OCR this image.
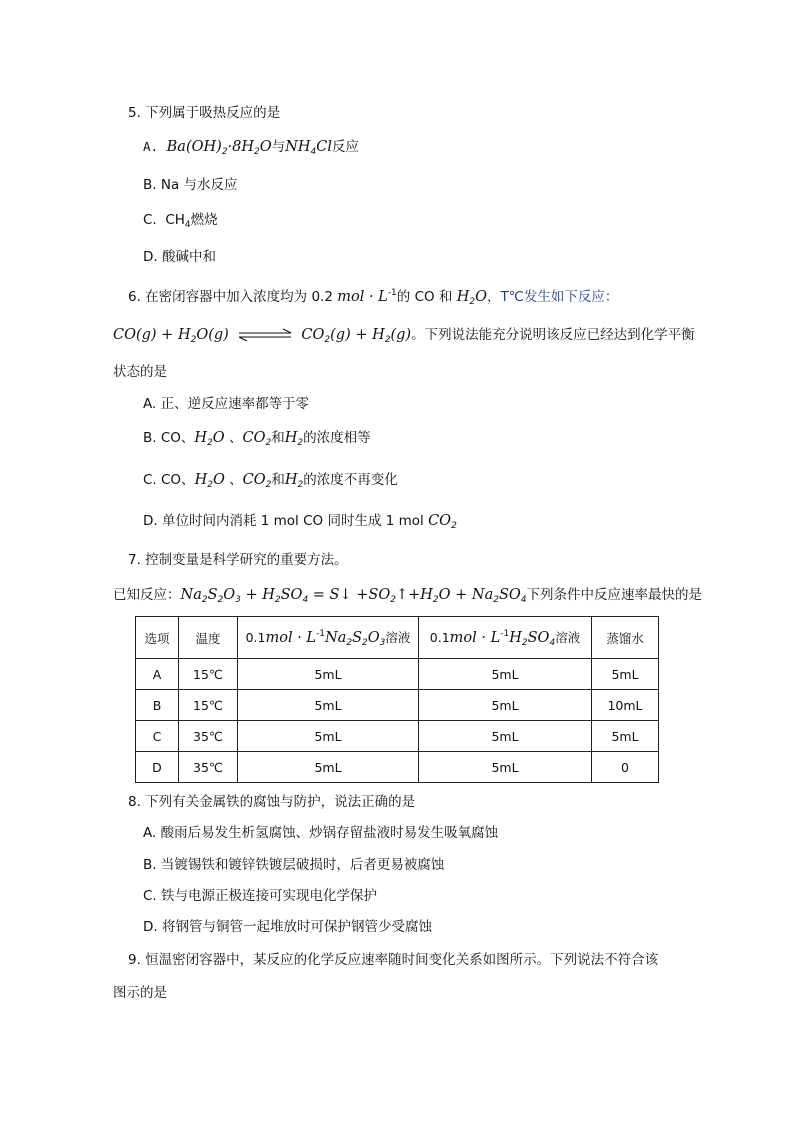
5. 下列属于吸热反应的是
A. $Ba(OH)_2\cdot 8H_2O$与$NH_4Cl$反应
B. Na 与水反应
C. $CH_4$燃烧
D. 酸碱中和
6. 在密闭容器中加入浓度均为 0.2 mol · $L^{-1}$的 CO 和 $H_2O$，T℃发生如下反应：
$CO(g) + H_2O(g)$	$CO_2(g) + H_2(g)$。下列说法能充分说明该反应已经达到化学平衡
状态的是
A. 正、逆反应速率都等于零
B. CO、$H_2O$ 、$CO_2$和$H_2$的浓度相等
C. CO、$H_2O$ 、$CO_2$和$H_2$的浓度不再变化
D. 单位时间内消耗 1 mol CO 同时生成 1 mol $CO_2$
7. 控制变量是科学研究的重要方法。
已知反应：$Na_2S_2O_3 + H_2SO_4$ = S↓ $+SO_2↑+H_2O + Na_2SO_4$下列条件中反应速率最快的是
选项	温度	$0.1mol \cdot L^{-1}Na_2S_2O_3$溶液	$0.1mol \cdot L^{-1}H_2SO_4$溶液	蒸馏水
A	15℃	5mL	5mL	5mL
B	15℃	5mL	5mL	10mL
C	35℃	5mL	5mL	5mL
D	35℃	5mL	5mL	0
8. 下列有关金属铁的腐蚀与防护，说法正确的是
A. 酸雨后易发生析氢腐蚀、炒锅存留盐液时易发生吸氧腐蚀
B. 当镀锡铁和镀锌铁镀层破损时，后者更易被腐蚀
C. 铁与电源正极连接可实现电化学保护
D. 将钢管与铜管一起堆放时可保护钢管少受腐蚀
9. 恒温密闭容器中，某反应的化学反应速率随时间变化关系如图所示。下列说法不符合该
图示的是
